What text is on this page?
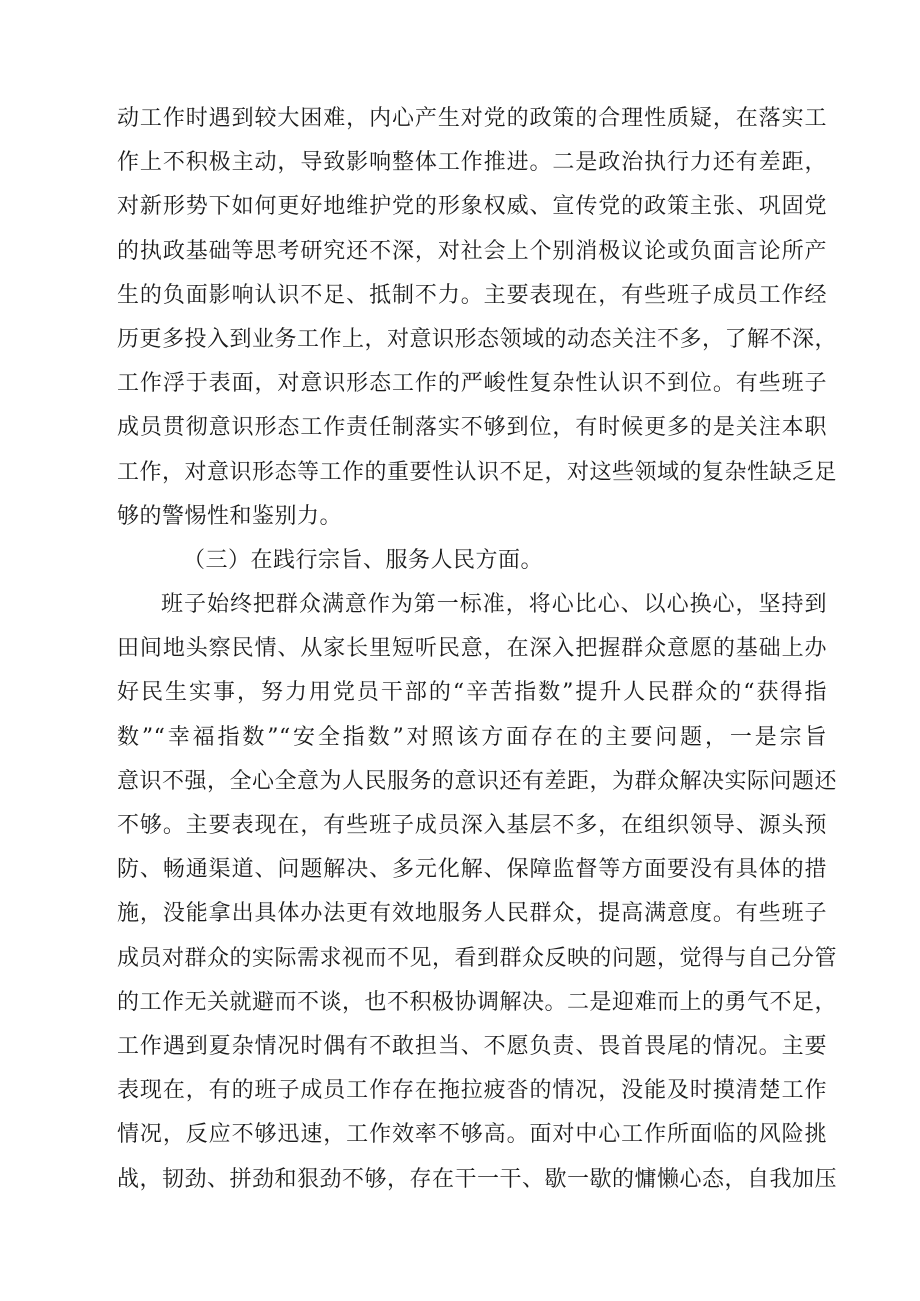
动工作时遇到较大困难，内心产生对党的政策的合理性质疑，在落实工
作上不积极主动，导致影响整体工作推进。二是政治执行力还有差距，
对新形势下如何更好地维护党的形象权威、宣传党的政策主张、巩固党
的执政基础等思考研究还不深，对社会上个别消极议论或负面言论所产
生的负面影响认识不足、抵制不力。主要表现在，有些班子成员工作经
历更多投入到业务工作上，对意识形态领域的动态关注不多，了解不深，
工作浮于表面，对意识形态工作的严峻性复杂性认识不到位。有些班子
成员贯彻意识形态工作责任制落实不够到位，有时候更多的是关注本职
工作，对意识形态等工作的重要性认识不足，对这些领域的复杂性缺乏足
够的警惕性和鉴别力。
（三）在践行宗旨、服务人民方面。
班子始终把群众满意作为第一标准，将心比心、以心换心，坚持到
田间地头察民情、从家长里短听民意，在深入把握群众意愿的基础上办
好民生实事，努力用党员干部的“辛苦指数”提升人民群众的“获得指
数”“幸福指数”“安全指数”对照该方面存在的主要问题，一是宗旨
意识不强，全心全意为人民服务的意识还有差距，为群众解决实际问题还
不够。主要表现在，有些班子成员深入基层不多，在组织领导、源头预
防、畅通渠道、问题解决、多元化解、保障监督等方面要没有具体的措
施，没能拿出具体办法更有效地服务人民群众，提高满意度。有些班子
成员对群众的实际需求视而不见，看到群众反映的问题，觉得与自己分管
的工作无关就避而不谈，也不积极协调解决。二是迎难而上的勇气不足，
工作遇到夏杂情况时偶有不敢担当、不愿负责、畏首畏尾的情况。主要
表现在，有的班子成员工作存在拖拉疲沓的情况，没能及时摸清楚工作
情况，反应不够迅速，工作效率不够高。面对中心工作所面临的风险挑
战，韧劲、拼劲和狠劲不够，存在干一干、歇一歇的慵懒心态，自我加压
